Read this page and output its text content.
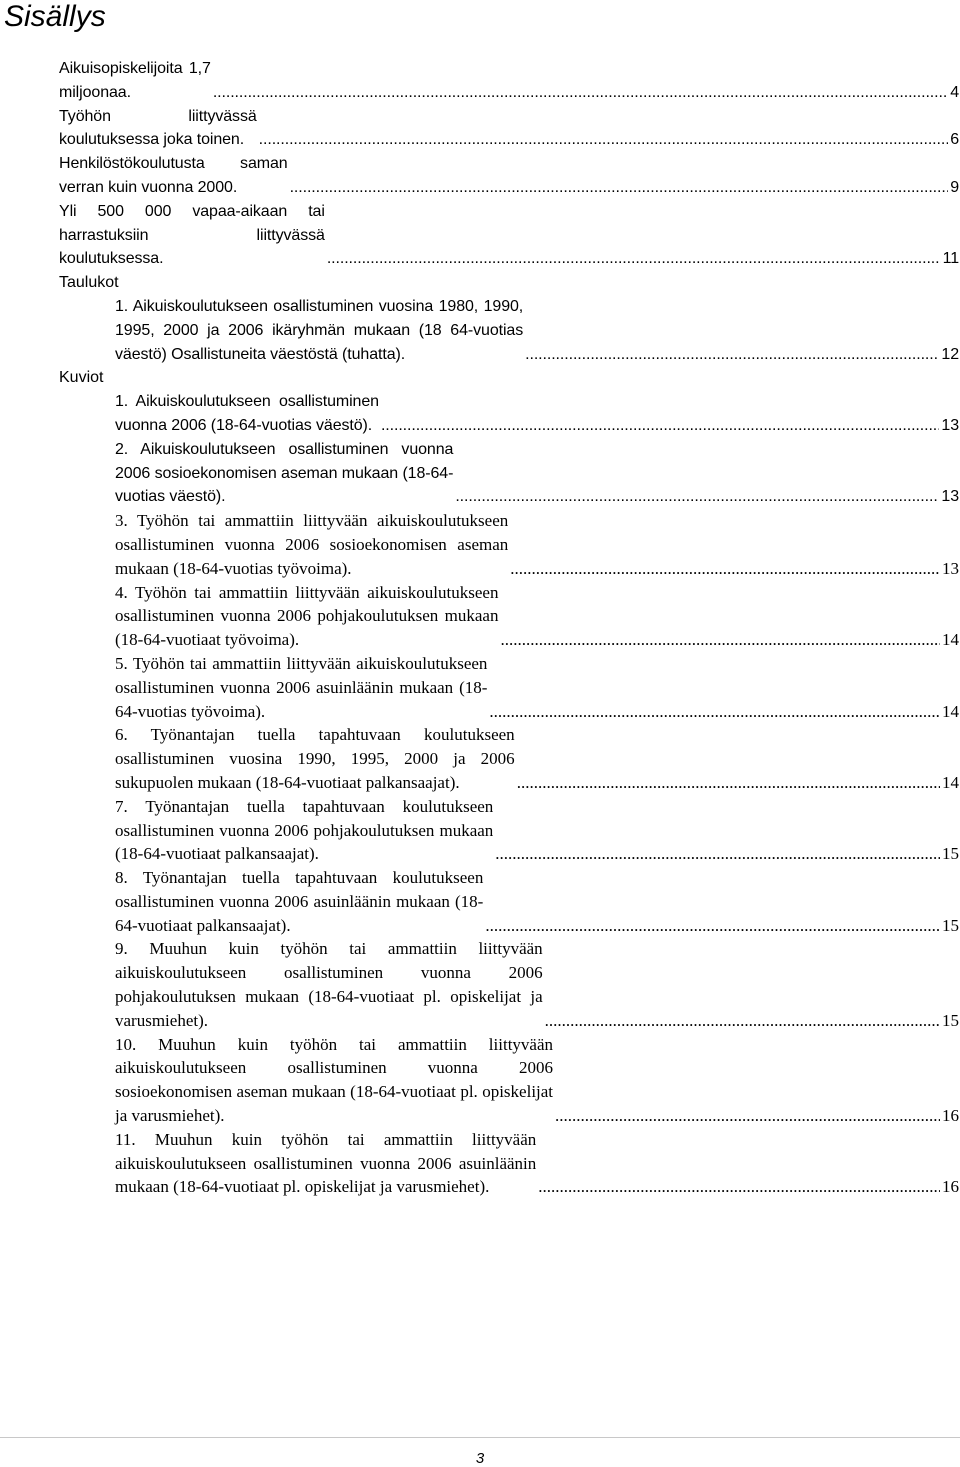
Sisällys
Aikuisopiskelijoita 1,7 miljoonaa. .....	4
Työhön liittyvässä koulutuksessa joka toinen. .....	6
Henkilöstökoulutusta saman verran kuin vuonna 2000. .....	9
Yli 500 000 vapaa-aikaan tai harrastuksiin liittyvässä koulutuksessa. .....	11
Taulukot
1. Aikuiskoulutukseen osallistuminen vuosina 1980, 1990, 1995, 2000 ja 2006 ikäryhmän mukaan (18 64-vuotias väestö) Osallistuneita väestöstä (tuhatta). .....	12
Kuviot
1. Aikuiskoulutukseen osallistuminen vuonna 2006 (18-64-vuotias väestö). .....	13
2. Aikuiskoulutukseen osallistuminen vuonna 2006 sosioekonomisen aseman mukaan (18-64-vuotias väestö). .....	13
3. Työhön tai ammattiin liittyvään aikuiskoulutukseen osallistuminen vuonna 2006 sosioekonomisen aseman mukaan (18-64-vuotias työvoima). .....	13
4. Työhön tai ammattiin liittyvään aikuiskoulutukseen osallistuminen vuonna 2006 pohjakoulutuksen mukaan (18-64-vuotiaat työvoima). .....	14
5. Työhön tai ammattiin liittyvään aikuiskoulutukseen osallistuminen vuonna 2006 asuinläänin mukaan (18-64-vuotias työvoima). .....	14
6. Työnantajan tuella tapahtuvaan koulutukseen osallistuminen vuosina 1990, 1995, 2000 ja 2006 sukupuolen mukaan (18-64-vuotiaat palkansaajat). .....	14
7. Työnantajan tuella tapahtuvaan koulutukseen osallistuminen vuonna 2006 pohjakoulutuksen mukaan (18-64-vuotiaat palkansaajat). .....	15
8. Työnantajan tuella tapahtuvaan koulutukseen osallistuminen vuonna 2006 asuinläänin mukaan (18-64-vuotiaat palkansaajat). .....	15
9. Muuhun kuin työhön tai ammattiin liittyvään aikuiskoulutukseen osallistuminen vuonna 2006 pohjakoulutuksen mukaan (18-64-vuotiaat pl. opiskelijat ja varusmiehet). .....	15
10. Muuhun kuin työhön tai ammattiin liittyvään aikuiskoulutukseen osallistuminen vuonna 2006 sosioekonomisen aseman mukaan (18-64-vuotiaat pl. opiskelijat ja varusmiehet). .....	16
11. Muuhun kuin työhön tai ammattiin liittyvään aikuiskoulutukseen osallistuminen vuonna 2006 asuinläänin mukaan (18-64-vuotiaat pl. opiskelijat ja varusmiehet). .....	16
3
